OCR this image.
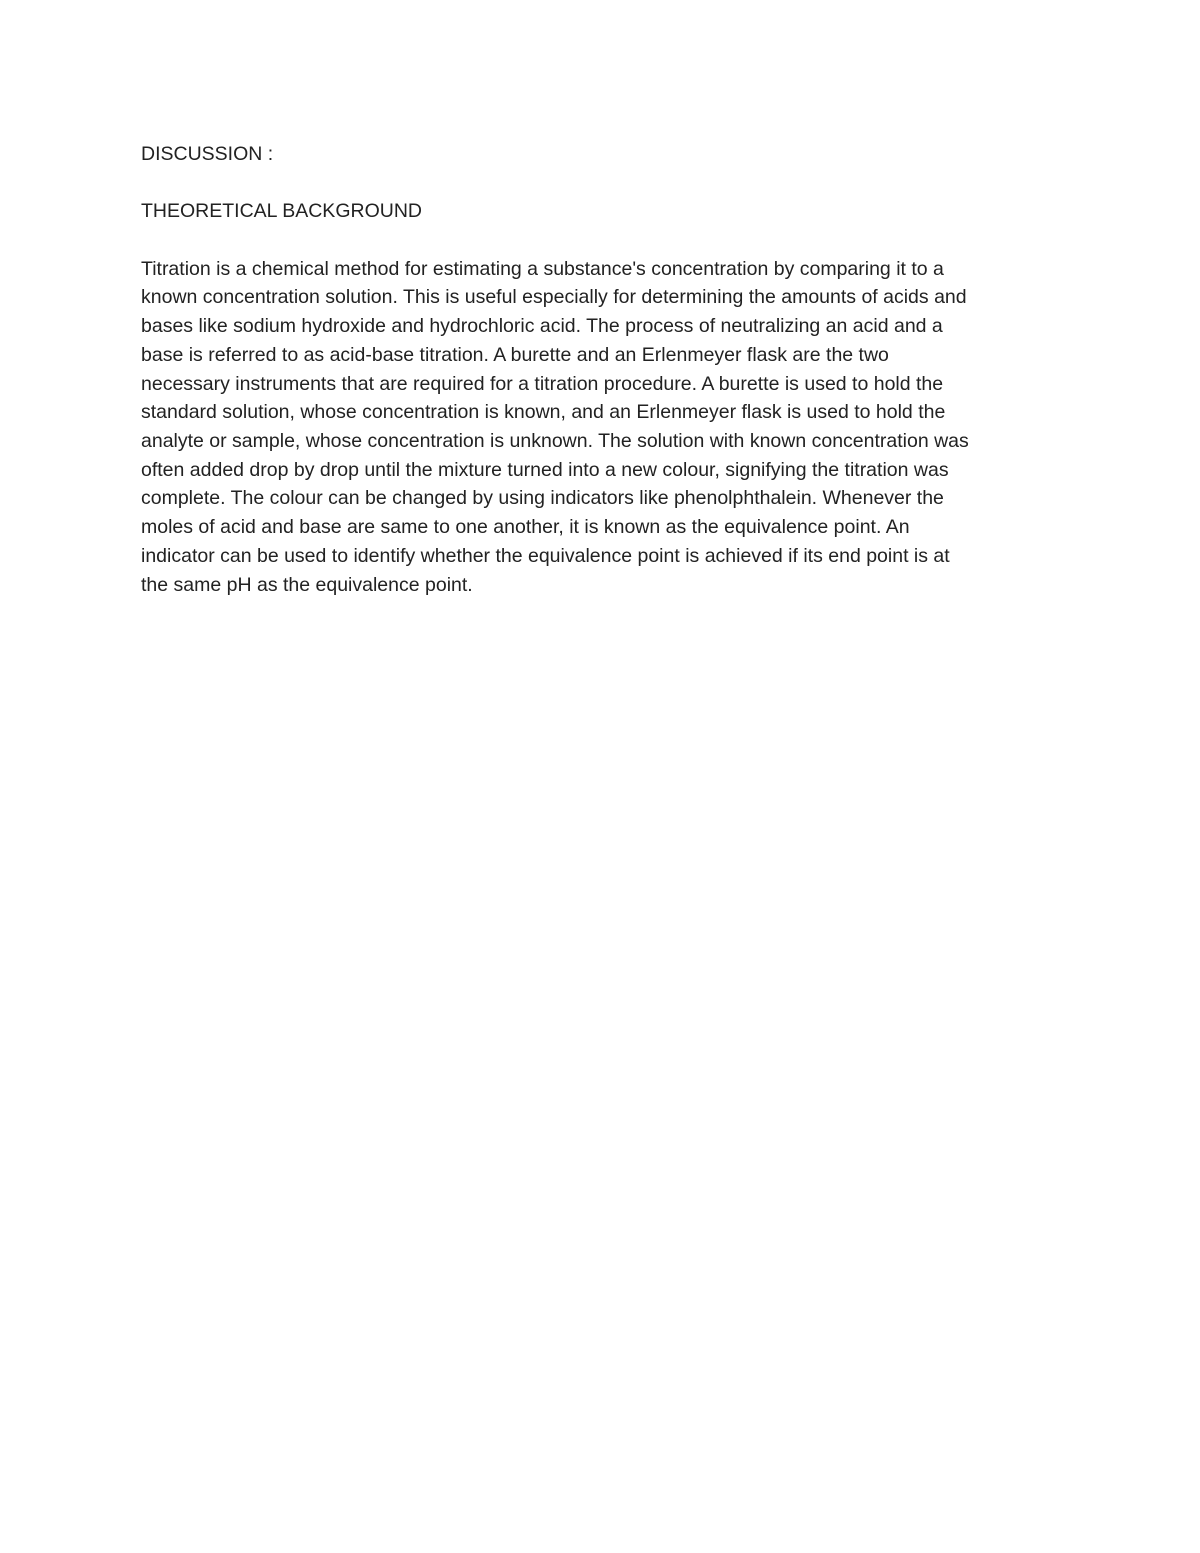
DISCUSSION :
THEORETICAL BACKGROUND
Titration is a chemical method for estimating a substance's concentration by comparing it to a
known concentration solution. This is useful especially for determining the amounts of acids and
bases like sodium hydroxide and hydrochloric acid. The process of neutralizing an acid and a
base is referred to as acid-base titration. A burette and an Erlenmeyer flask are the two
necessary instruments that are required for a titration procedure. A burette is used to hold the
standard solution, whose concentration is known, and an Erlenmeyer flask is used to hold the
analyte or sample, whose concentration is unknown. The solution with known concentration was
often added drop by drop until the mixture turned into a new colour, signifying the titration was
complete. The colour can be changed by using indicators like phenolphthalein. Whenever the
moles of acid and base are same to one another, it is known as the equivalence point. An
indicator can be used to identify whether the equivalence point is achieved if its end point is at
the same pH as the equivalence point.
